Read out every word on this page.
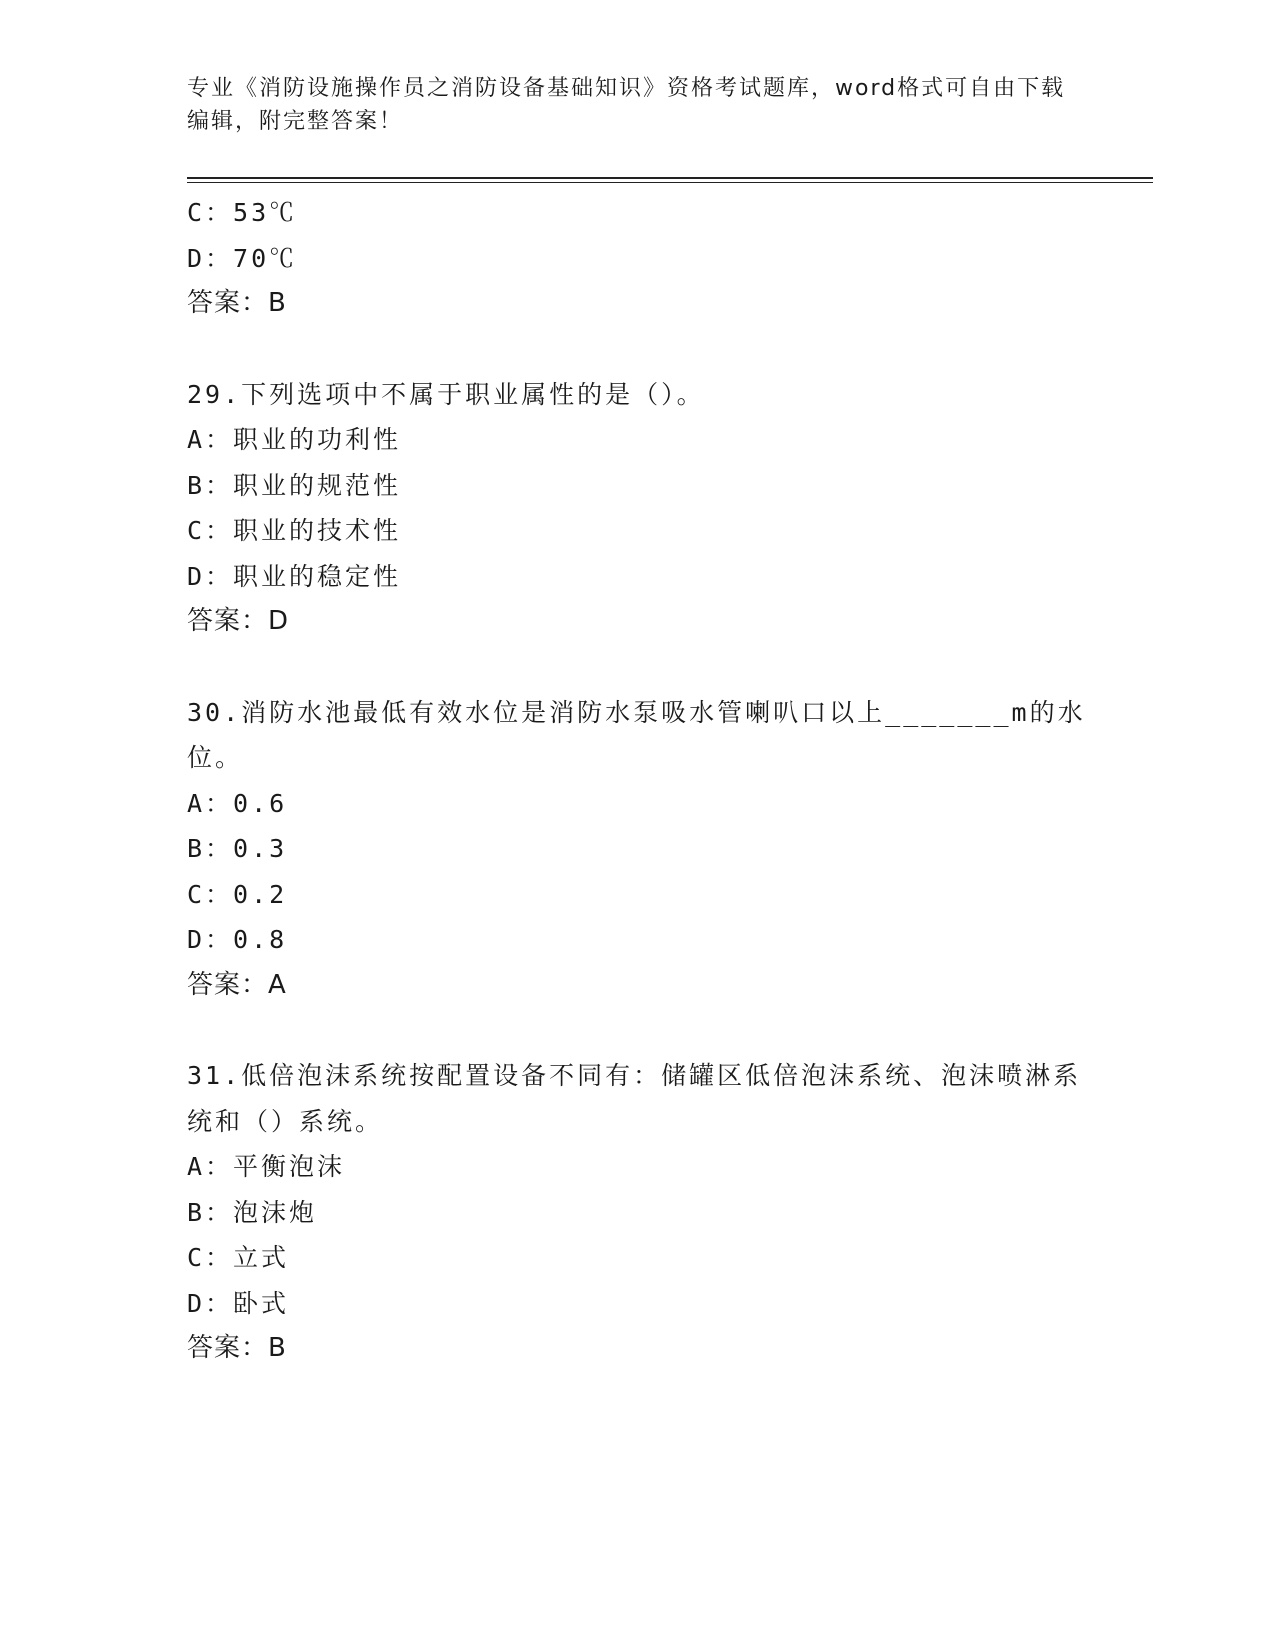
专业《消防设施操作员之消防设备基础知识》资格考试题库，word格式可自由下载编辑，附完整答案！
C：53℃
D：70℃
答案：B
29.下列选项中不属于职业属性的是（）。
A：职业的功利性
B：职业的规范性
C：职业的技术性
D：职业的稳定性
答案：D
30.消防水池最低有效水位是消防水泵吸水管喇叭口以上_______m的水位。
A：0.6
B：0.3
C：0.2
D：0.8
答案：A
31.低倍泡沫系统按配置设备不同有：储罐区低倍泡沫系统、泡沫喷淋系统和（）系统。
A：平衡泡沫
B：泡沫炮
C：立式
D：卧式
答案：B
